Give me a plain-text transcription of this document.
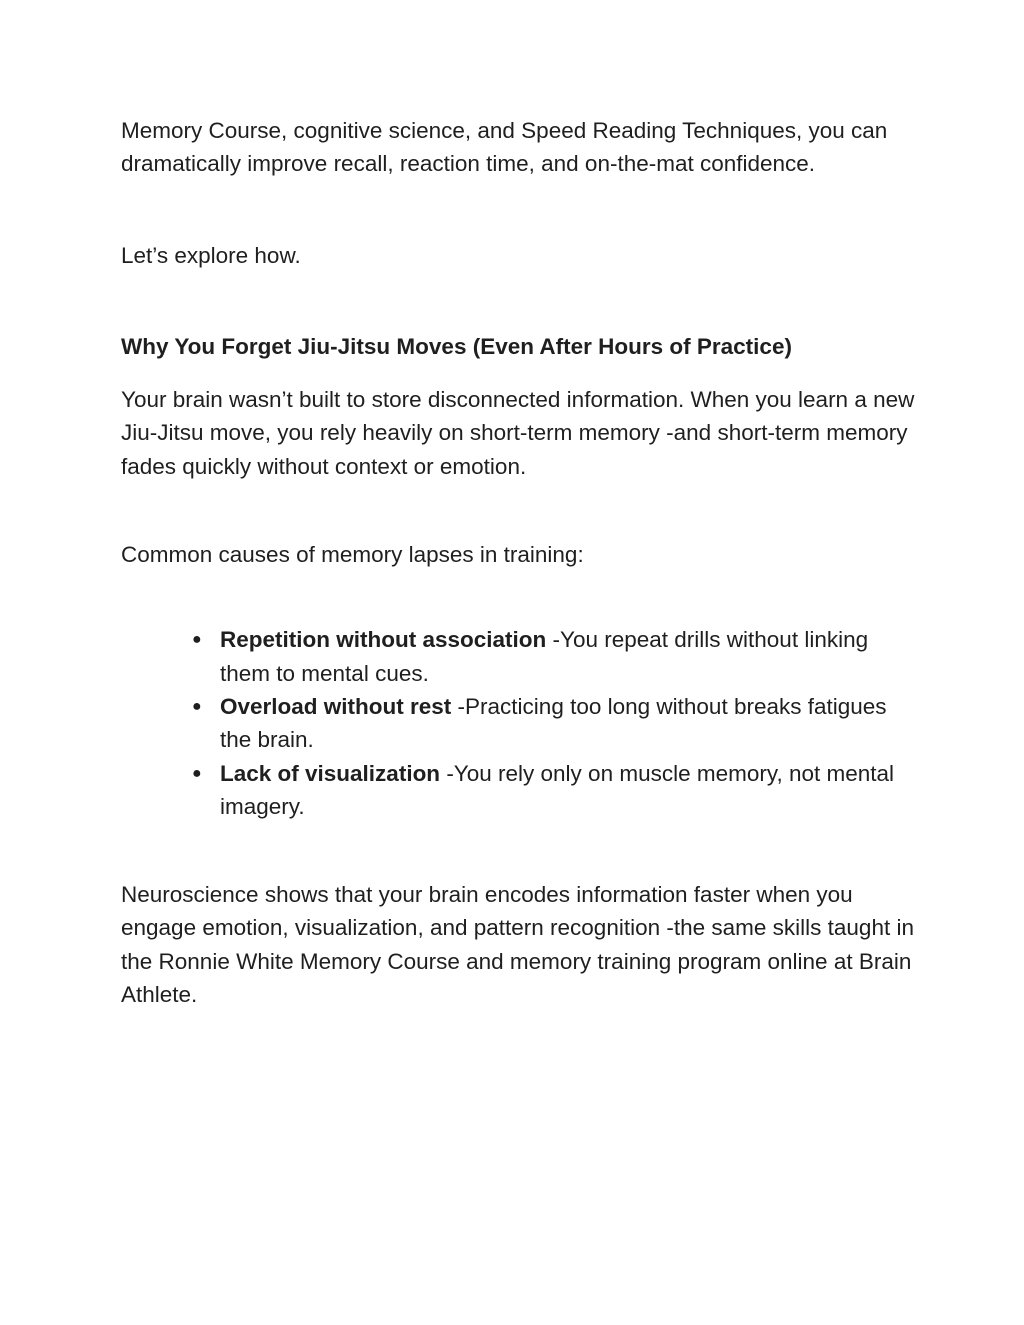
Memory Course, cognitive science, and Speed Reading Techniques, you can dramatically improve recall, reaction time, and on-the-mat confidence.

Let’s explore how.

Why You Forget Jiu-Jitsu Moves (Even After Hours of Practice)

Your brain wasn’t built to store disconnected information. When you learn a new Jiu-Jitsu move, you rely heavily on short-term memory -and short-term memory fades quickly without context or emotion.

Common causes of memory lapses in training:

● Repetition without association -You repeat drills without linking them to mental cues.
● Overload without rest -Practicing too long without breaks fatigues the brain.
● Lack of visualization -You rely only on muscle memory, not mental imagery.

Neuroscience shows that your brain encodes information faster when you engage emotion, visualization, and pattern recognition -the same skills taught in the Ronnie White Memory Course and memory training program online at Brain Athlete.
